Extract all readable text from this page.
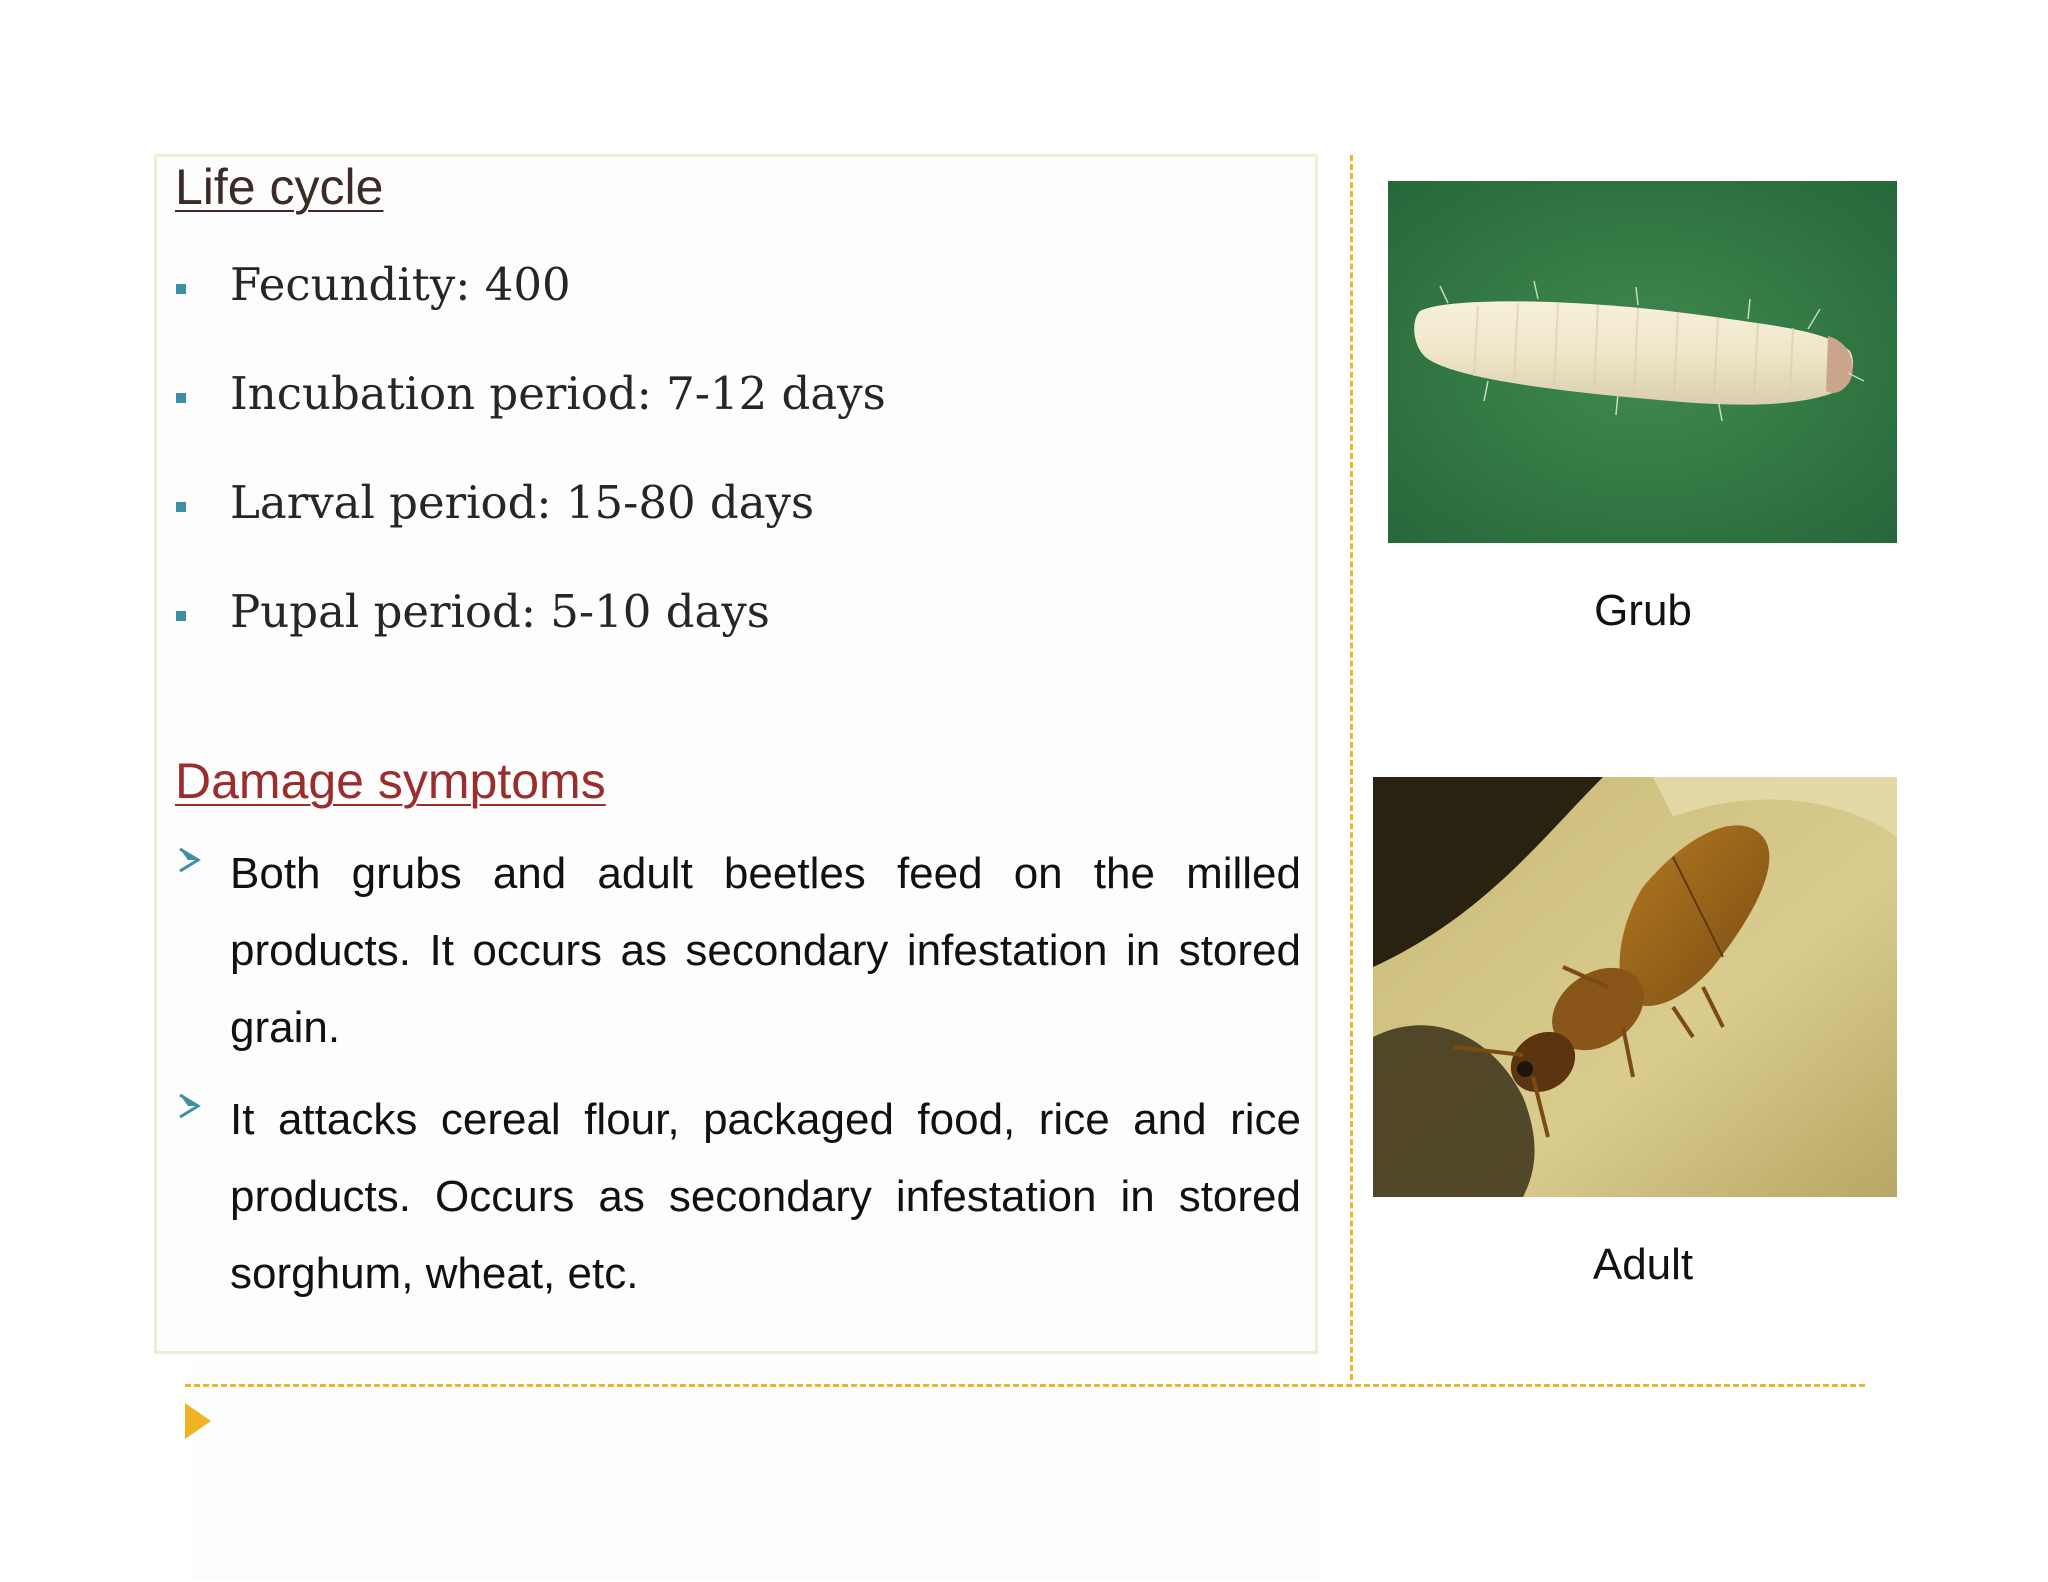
Life cycle
Fecundity: 400
Incubation period: 7-12 days
Larval period: 15-80 days
Pupal period: 5-10 days
Damage symptoms
Both grubs and adult beetles feed on the milled products. It occurs as secondary infestation in stored grain.
It attacks cereal flour, packaged food, rice and rice products. Occurs as secondary infestation in stored sorghum, wheat, etc.
Grub
Adult
